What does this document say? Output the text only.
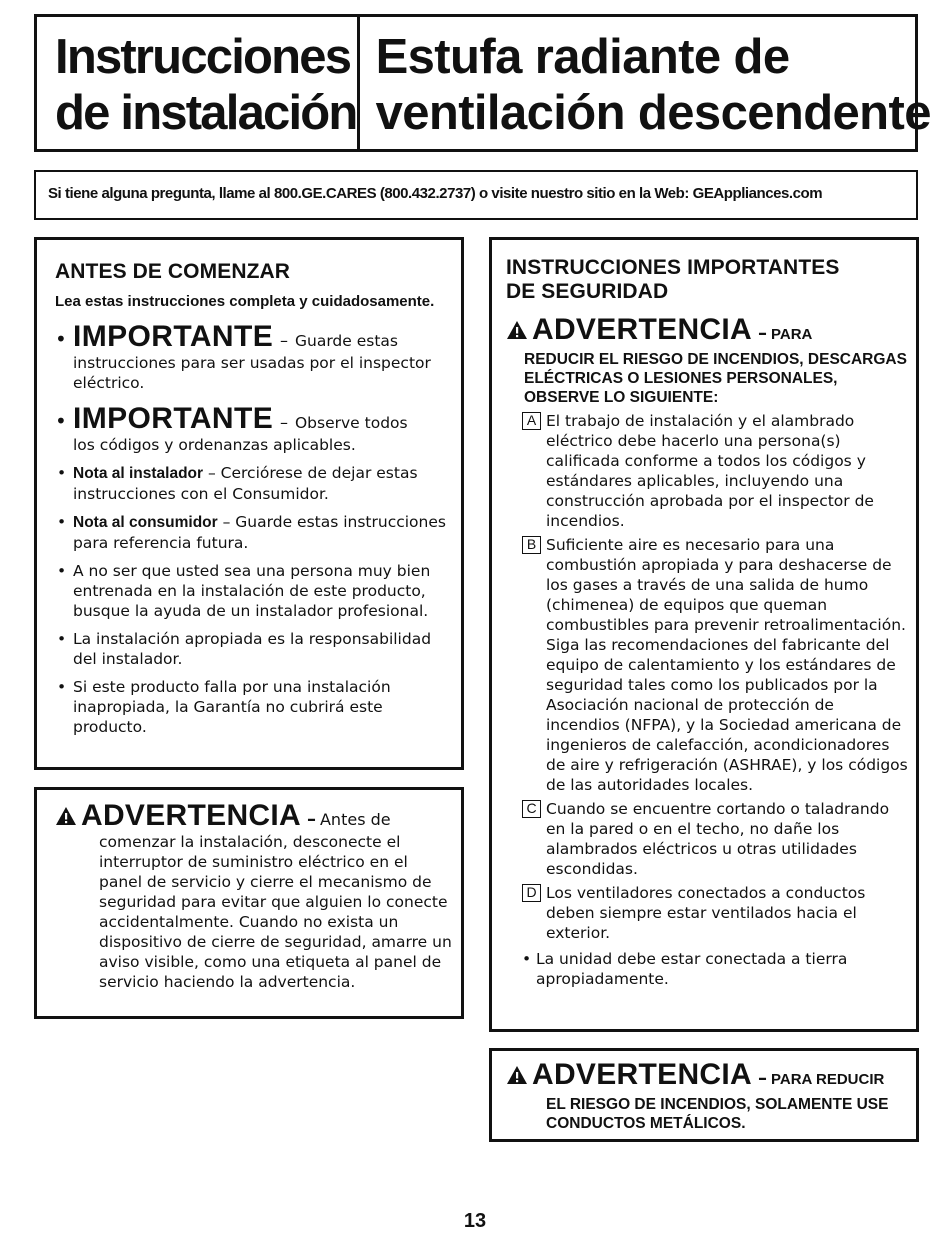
Instrucciones
de instalación
Estufa radiante de
ventilación descendente
Si tiene alguna pregunta, llame al 800.GE.CARES (800.432.2737) o visite nuestro sitio en la Web: GEAppliances.com
ANTES DE COMENZAR
Lea estas instrucciones completa y cuidadosamente.
• IMPORTANTE – Guarde estas
instrucciones para ser usadas por el inspector eléctrico.
• IMPORTANTE – Observe todos
los códigos y ordenanzas aplicables.
• Nota al instalador – Cerciórese de dejar estas instrucciones con el Consumidor.
• Nota al consumidor – Guarde estas instrucciones para referencia futura.
• A no ser que usted sea una persona muy bien entrenada en la instalación de este producto, busque la ayuda de un instalador profesional.
• La instalación apropiada es la responsabilidad del instalador.
• Si este producto falla por una instalación inapropiada, la Garantía no cubrirá este producto.
ADVERTENCIA – Antes de
comenzar la instalación, desconecte el interruptor de suministro eléctrico en el panel de servicio y cierre el mecanismo de seguridad para evitar que alguien lo conecte accidentalmente. Cuando no exista un dispositivo de cierre de seguridad, amarre un aviso visible, como una etiqueta al panel de servicio haciendo la advertencia.
INSTRUCCIONES IMPORTANTES
DE SEGURIDAD
ADVERTENCIA – PARA
REDUCIR EL RIESGO DE INCENDIOS, DESCARGAS ELÉCTRICAS O LESIONES PERSONALES, OBSERVE LO SIGUIENTE:
A El trabajo de instalación y el alambrado eléctrico debe hacerlo una persona(s) calificada conforme a todos los códigos y estándares aplicables, incluyendo una construcción aprobada por el inspector de incendios.
B Suficiente aire es necesario para una combustión apropiada y para deshacerse de los gases a través de una salida de humo (chimenea) de equipos que queman combustibles para prevenir retroalimentación. Siga las recomendaciones del fabricante del equipo de calentamiento y los estándares de seguridad tales como los publicados por la Asociación nacional de protección de incendios (NFPA), y la Sociedad americana de ingenieros de calefacción, acondicionadores de aire y refrigeración (ASHRAE), y los códigos de las autoridades locales.
C Cuando se encuentre cortando o taladrando en la pared o en el techo, no dañe los alambrados eléctricos u otras utilidades escondidas.
D Los ventiladores conectados a conductos deben siempre estar ventilados hacia el exterior.
• La unidad debe estar conectada a tierra apropiadamente.
ADVERTENCIA – PARA REDUCIR
EL RIESGO DE INCENDIOS, SOLAMENTE USE CONDUCTOS METÁLICOS.
13
